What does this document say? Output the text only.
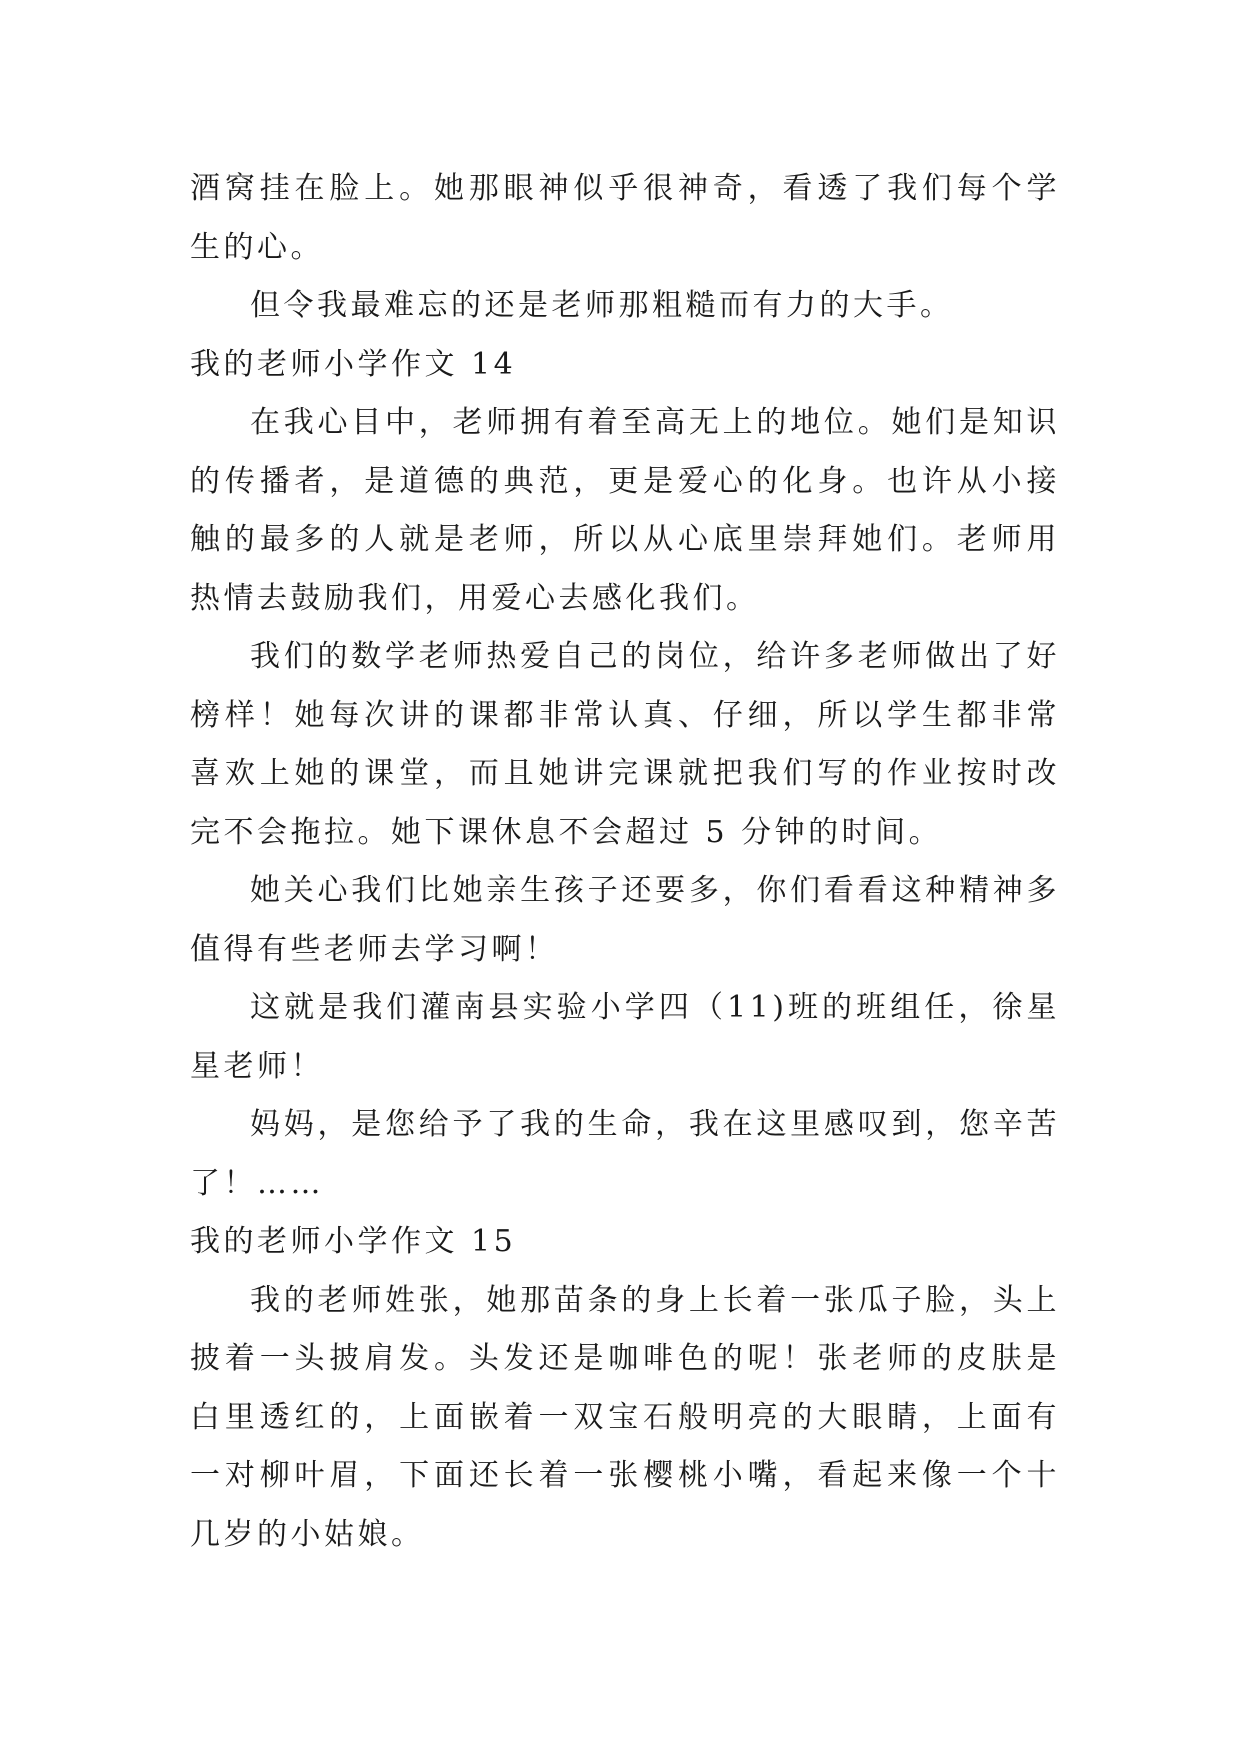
酒窝挂在脸上。她那眼神似乎很神奇，看透了我们每个学生的心。

但令我最难忘的还是老师那粗糙而有力的大手。

我的老师小学作文 14

在我心目中，老师拥有着至高无上的地位。她们是知识的传播者，是道德的典范，更是爱心的化身。也许从小接触的最多的人就是老师，所以从心底里崇拜她们。老师用热情去鼓励我们，用爱心去感化我们。

我们的数学老师热爱自己的岗位，给许多老师做出了好榜样！她每次讲的课都非常认真、仔细，所以学生都非常喜欢上她的课堂，而且她讲完课就把我们写的作业按时改完不会拖拉。她下课休息不会超过 5 分钟的时间。

她关心我们比她亲生孩子还要多，你们看看这种精神多值得有些老师去学习啊！

这就是我们灌南县实验小学四（11)班的班组任，徐星星老师！

妈妈，是您给予了我的生命，我在这里感叹到，您辛苦了！……

我的老师小学作文 15

我的老师姓张，她那苗条的身上长着一张瓜子脸，头上披着一头披肩发。头发还是咖啡色的呢！张老师的皮肤是白里透红的，上面嵌着一双宝石般明亮的大眼睛，上面有一对柳叶眉，下面还长着一张樱桃小嘴，看起来像一个十几岁的小姑娘。
